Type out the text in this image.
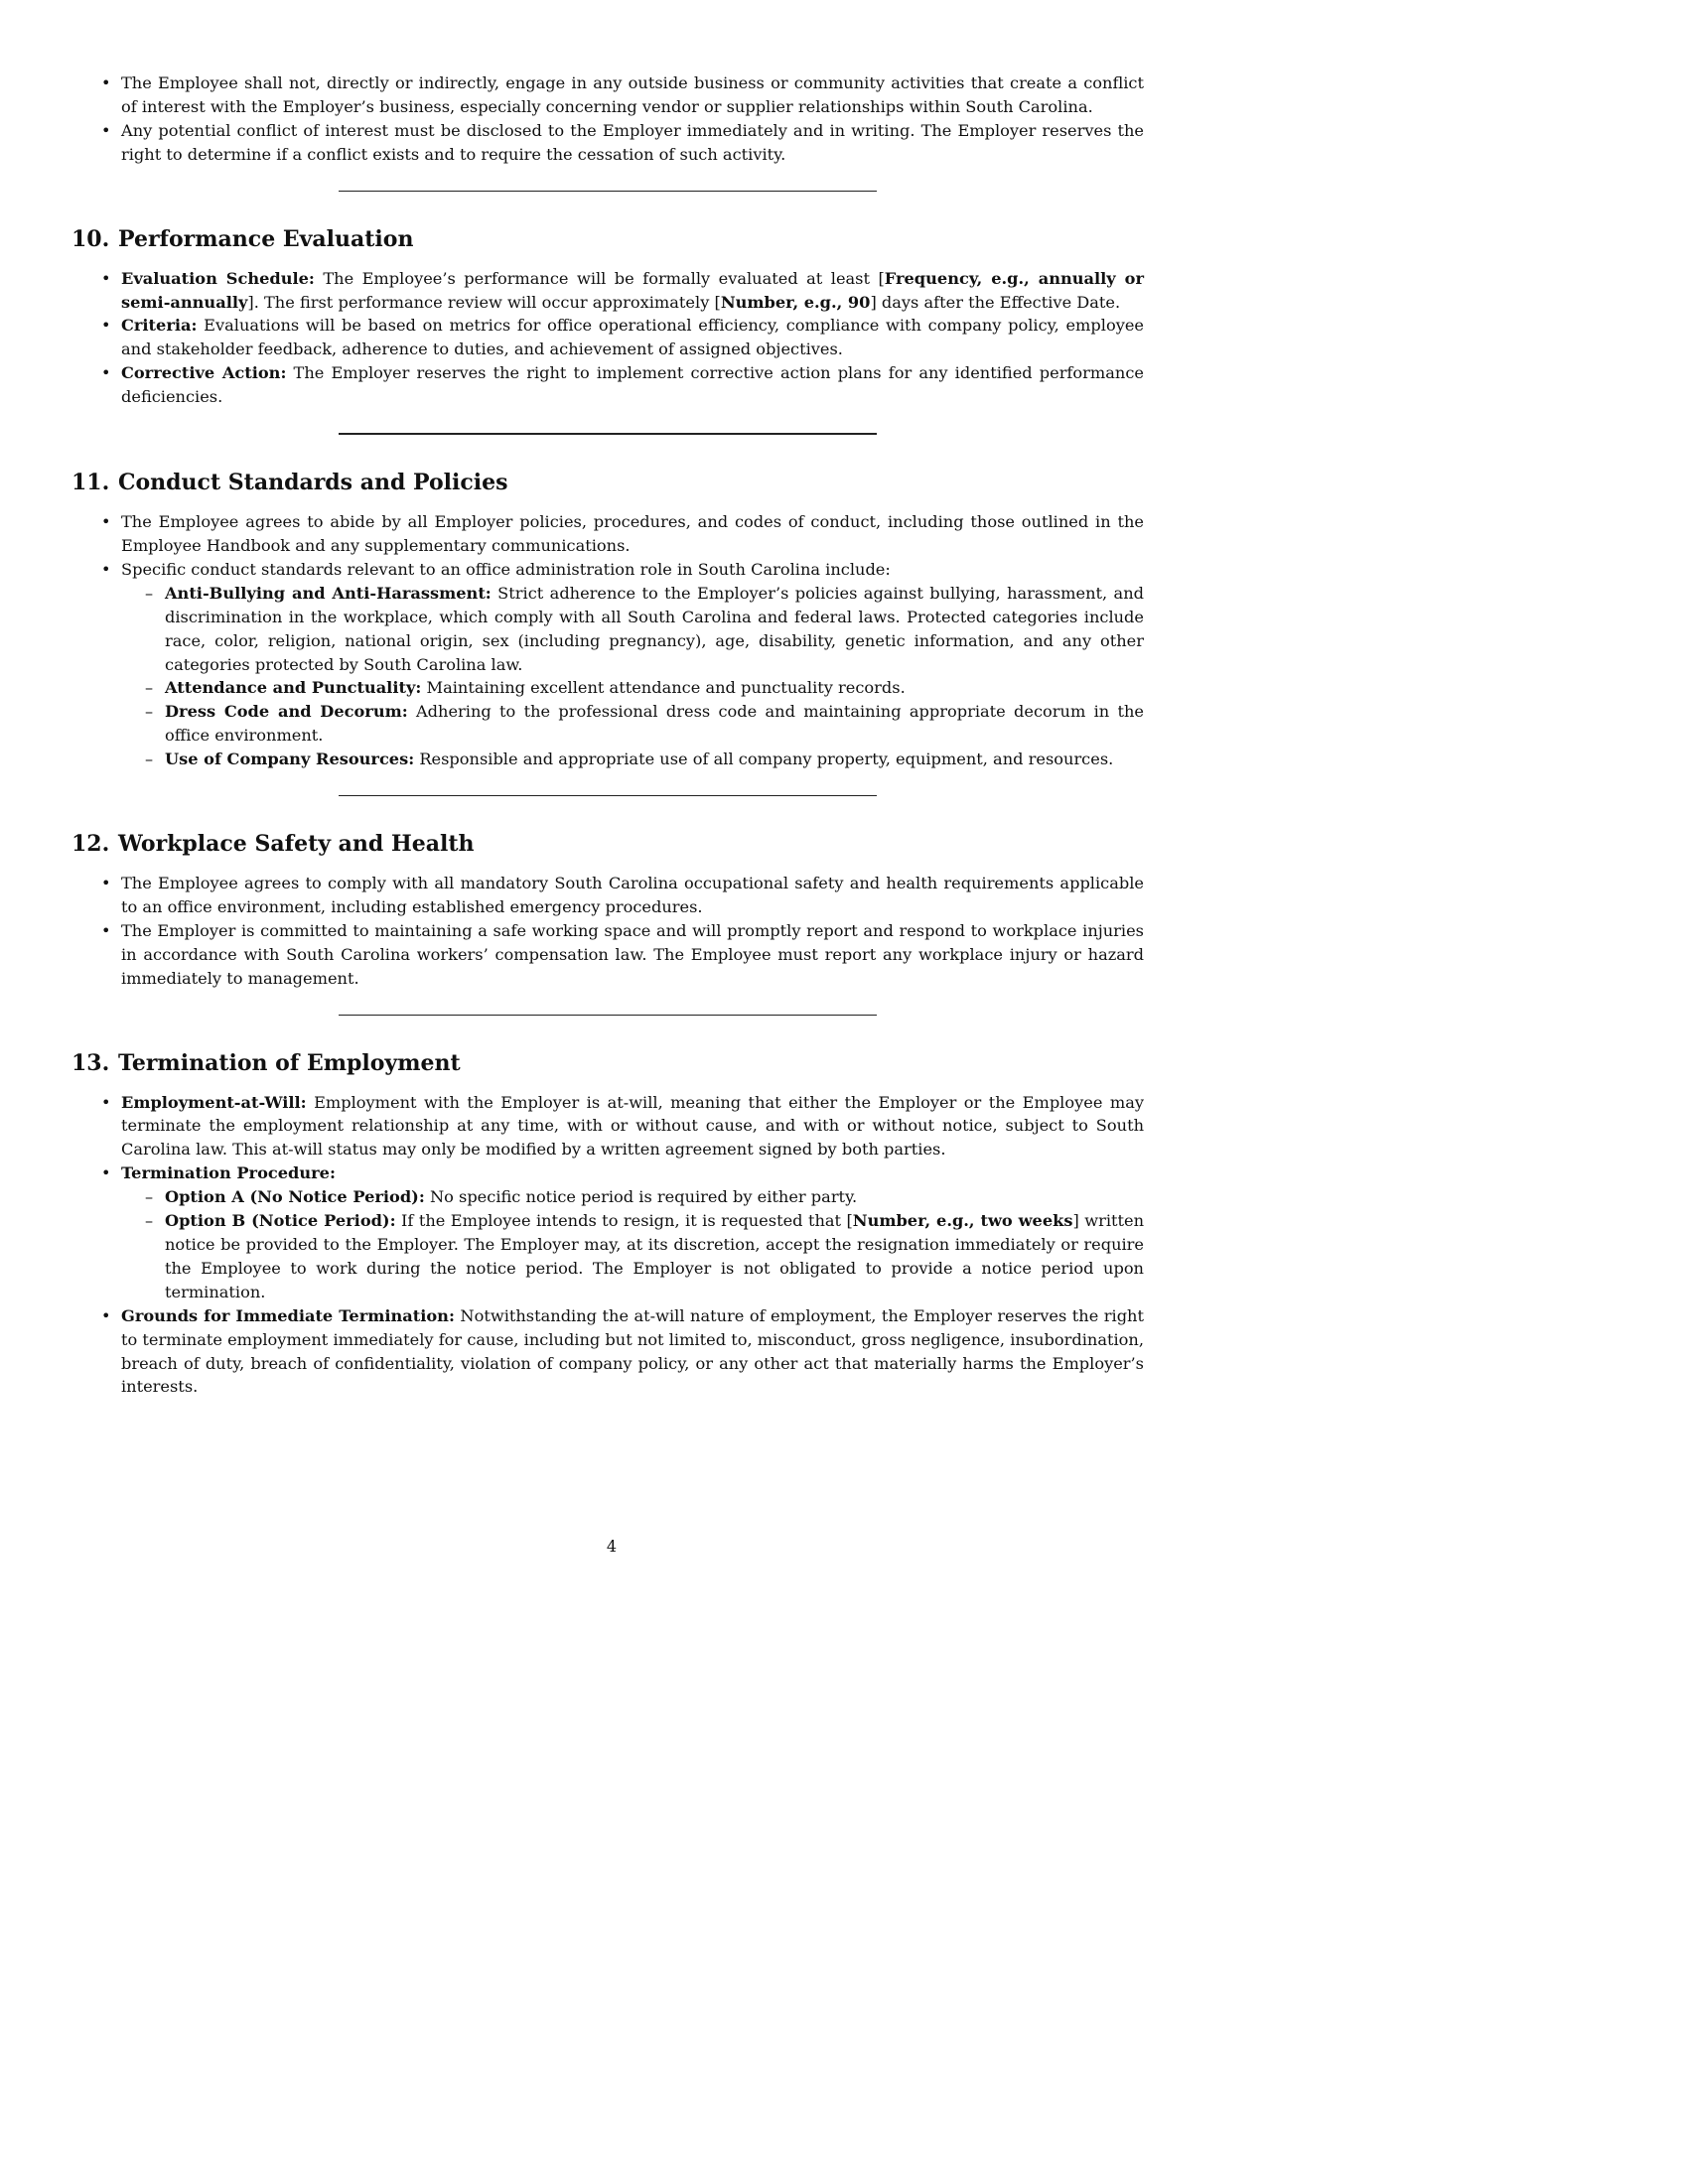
• The Employee shall not, directly or indirectly, engage in any outside business or community activities that create a conflict of interest with the Employer’s business, especially concerning vendor or supplier relationships within South Carolina.
• Any potential conflict of interest must be disclosed to the Employer immediately and in writing. The Employer reserves the right to determine if a conflict exists and to require the cessation of such activity.
10. Performance Evaluation
• Evaluation Schedule: The Employee’s performance will be formally evaluated at least [Frequency, e.g., annually or semi-annually]. The first performance review will occur approximately [Number, e.g., 90] days after the Effective Date.
• Criteria: Evaluations will be based on metrics for office operational efficiency, compliance with company policy, employee and stakeholder feedback, adherence to duties, and achievement of assigned objectives.
• Corrective Action: The Employer reserves the right to implement corrective action plans for any identified performance deficiencies.
11. Conduct Standards and Policies
• The Employee agrees to abide by all Employer policies, procedures, and codes of conduct, including those outlined in the Employee Handbook and any supplementary communications.
• Specific conduct standards relevant to an office administration role in South Carolina include:
– Anti-Bullying and Anti-Harassment: Strict adherence to the Employer’s policies against bullying, harassment, and discrimination in the workplace, which comply with all South Carolina and federal laws. Protected categories include race, color, religion, national origin, sex (including pregnancy), age, disability, genetic information, and any other categories protected by South Carolina law.
– Attendance and Punctuality: Maintaining excellent attendance and punctuality records.
– Dress Code and Decorum: Adhering to the professional dress code and maintaining appropriate decorum in the office environment.
– Use of Company Resources: Responsible and appropriate use of all company property, equipment, and resources.
12. Workplace Safety and Health
• The Employee agrees to comply with all mandatory South Carolina occupational safety and health requirements applicable to an office environment, including established emergency procedures.
• The Employer is committed to maintaining a safe working space and will promptly report and respond to workplace injuries in accordance with South Carolina workers’ compensation law. The Employee must report any workplace injury or hazard immediately to management.
13. Termination of Employment
• Employment-at-Will: Employment with the Employer is at-will, meaning that either the Employer or the Employee may terminate the employment relationship at any time, with or without cause, and with or without notice, subject to South Carolina law. This at-will status may only be modified by a written agreement signed by both parties.
• Termination Procedure:
– Option A (No Notice Period): No specific notice period is required by either party.
– Option B (Notice Period): If the Employee intends to resign, it is requested that [Number, e.g., two weeks] written notice be provided to the Employer. The Employer may, at its discretion, accept the resignation immediately or require the Employee to work during the notice period. The Employer is not obligated to provide a notice period upon termination.
• Grounds for Immediate Termination: Notwithstanding the at-will nature of employment, the Employer reserves the right to terminate employment immediately for cause, including but not limited to, misconduct, gross negligence, insubordination, breach of duty, breach of confidentiality, violation of company policy, or any other act that materially harms the Employer’s interests.
4
